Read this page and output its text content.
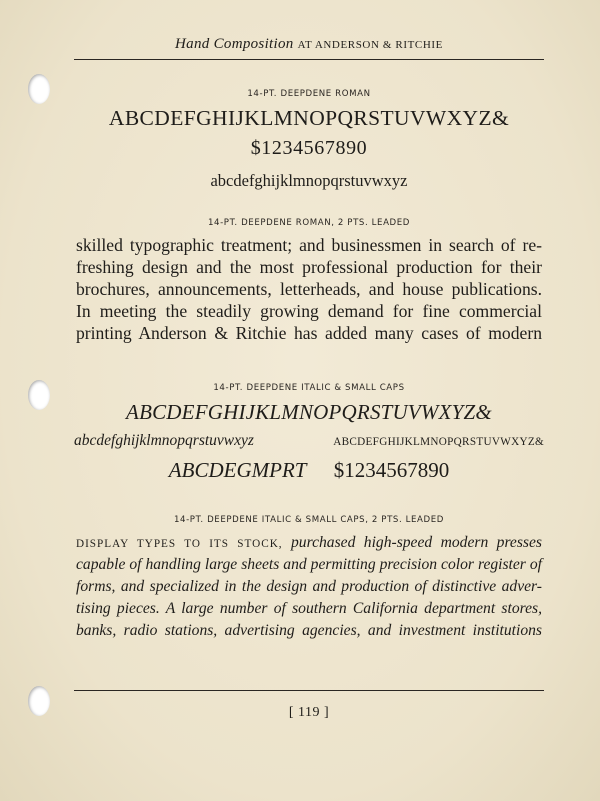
Hand Composition AT ANDERSON & RITCHIE
14-PT. DEEPDENE ROMAN
ABCDEFGHIJKLMNOPQRSTUVWXYZ&
$1234567890
abcdefghijklmnopqrstuvwxyz
14-PT. DEEPDENE ROMAN, 2 PTS. LEADED
skilled typographic treatment; and businessmen in search of re-
freshing design and the most professional production for their
brochures, announcements, letterheads, and house publications.
In meeting the steadily growing demand for fine commercial
printing Anderson & Ritchie has added many cases of modern
14-PT. DEEPDENE ITALIC & SMALL CAPS
ABCDEFGHIJKLMNOPQRSTUVWXYZ&
abcdefghijklmnopqrstuvwxyz	ABCDEFGHIJKLMNOPQRSTUVWXYZ&
ABCDEGMPRT $1234567890
14-PT. DEEPDENE ITALIC & SMALL CAPS, 2 PTS. LEADED
DISPLAY TYPES TO ITS STOCK, purchased high-speed modern presses
capable of handling large sheets and permitting precision color register of
forms, and specialized in the design and production of distinctive adver-
tising pieces. A large number of southern California department stores,
banks, radio stations, advertising agencies, and investment institutions
[ 119 ]
